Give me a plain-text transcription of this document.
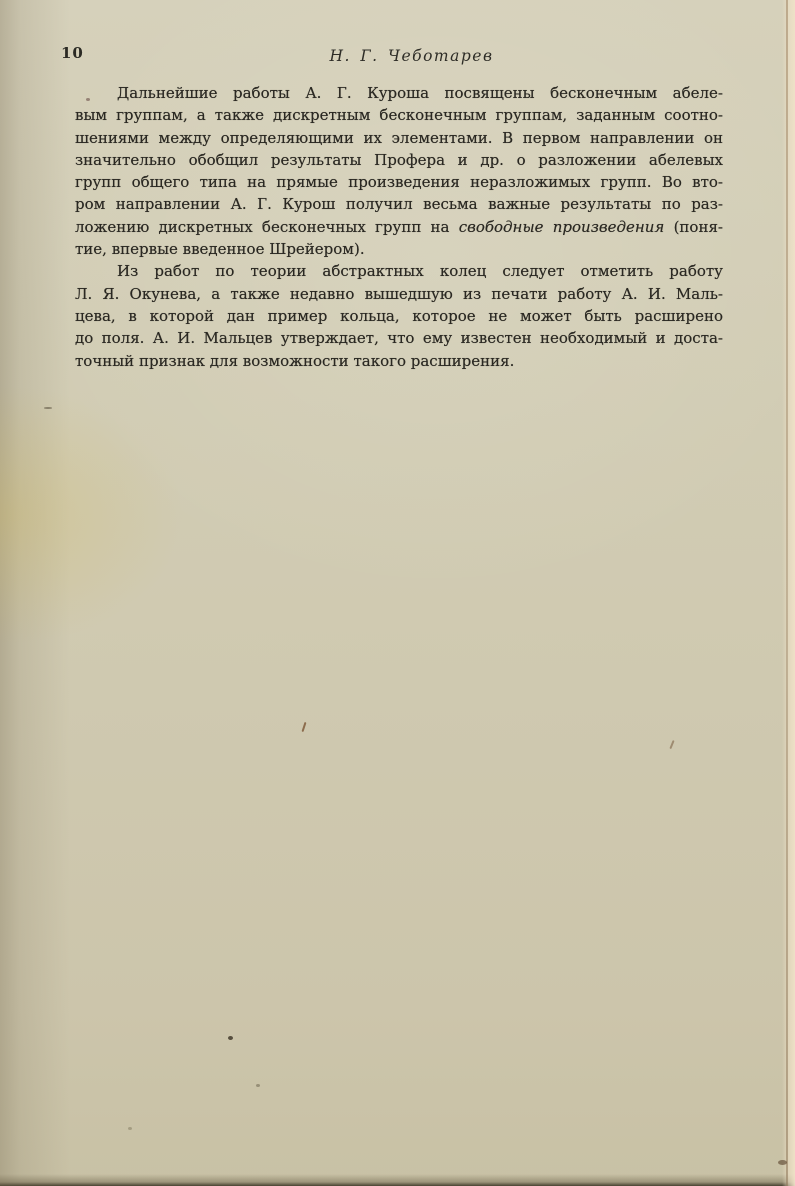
10	Н. Г. Чеботарев
Дальнейшие работы А. Г. Куроша посвящены бесконечным абеле-
вым группам, а также дискретным бесконечным группам, заданным соотно-
шениями между определяющими их элементами. В первом направлении он
значительно обобщил результаты Профера и др. о разложении абелевых
групп общего типа на прямые произведения неразложимых групп. Во вто-
ром направлении А. Г. Курош получил весьма важные результаты по раз-
ложению дискретных бесконечных групп на свободные произведения (поня-
тие, впервые введенное Шрейером).
Из работ по теории абстрактных колец следует отметить работу
Л. Я. Окунева, а также недавно вышедшую из печати работу А. И. Маль-
цева, в которой дан пример кольца, которое не может быть расширено
до поля. А. И. Мальцев утверждает, что ему известен необходимый и доста-
точный признак для возможности такого расширения.
